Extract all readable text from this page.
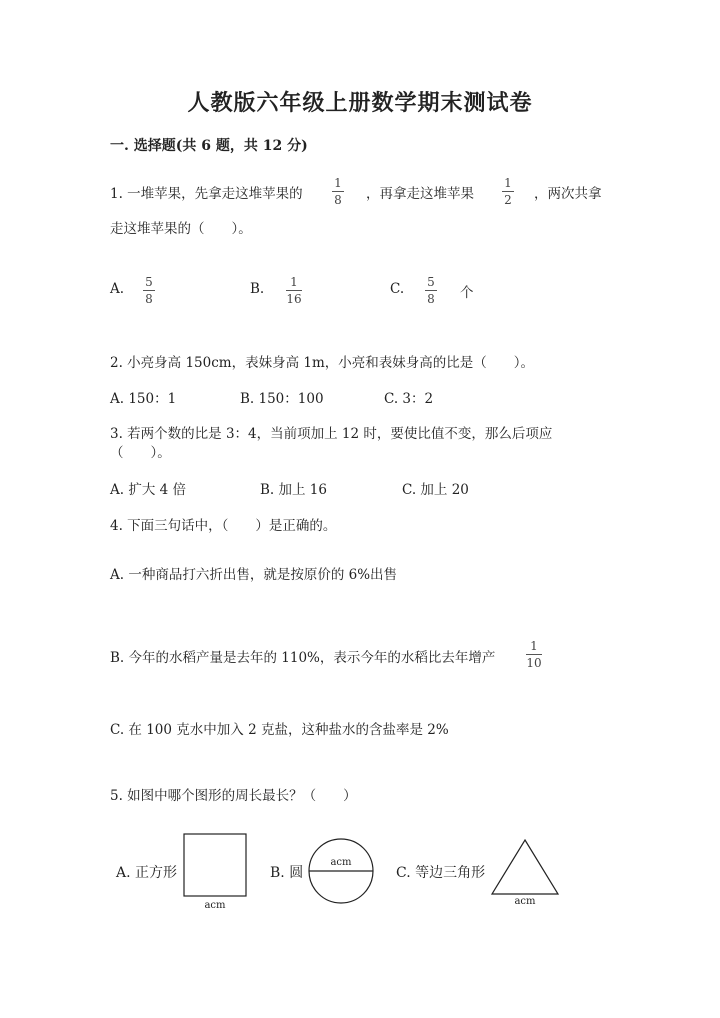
人教版六年级上册数学期末测试卷
一. 选择题(共 6 题，共 12 分)
1. 一堆苹果，先拿走这堆苹果的
1
8 ，再拿走这堆苹果
1
2 ，两次共拿
走这堆苹果的（　　）。
A. 5
8
B. 1
16
C. 5
8 个
2. 小亮身高 150cm，表妹身高 1m，小亮和表妹身高的比是（　　）。
A. 150：1	B. 150：100	C. 3：2
3. 若两个数的比是 3：4，当前项加上 12 时，要使比值不变，那么后项应
（　　）。
A. 扩大 4 倍	B. 加上 16	C. 加上 20
4. 下面三句话中，（　　）是正确的。
A. 一种商品打六折出售，就是按原价的 6%出售
B. 今年的水稻产量是去年的 110%，表示今年的水稻比去年增产
1
10
C. 在 100 克水中加入 2 克盐，这种盐水的含盐率是 2%
5. 如图中哪个图形的周长最长？（　　）
A. 正方形
acm
B. 圆
acm
C. 等边三角形
acm
